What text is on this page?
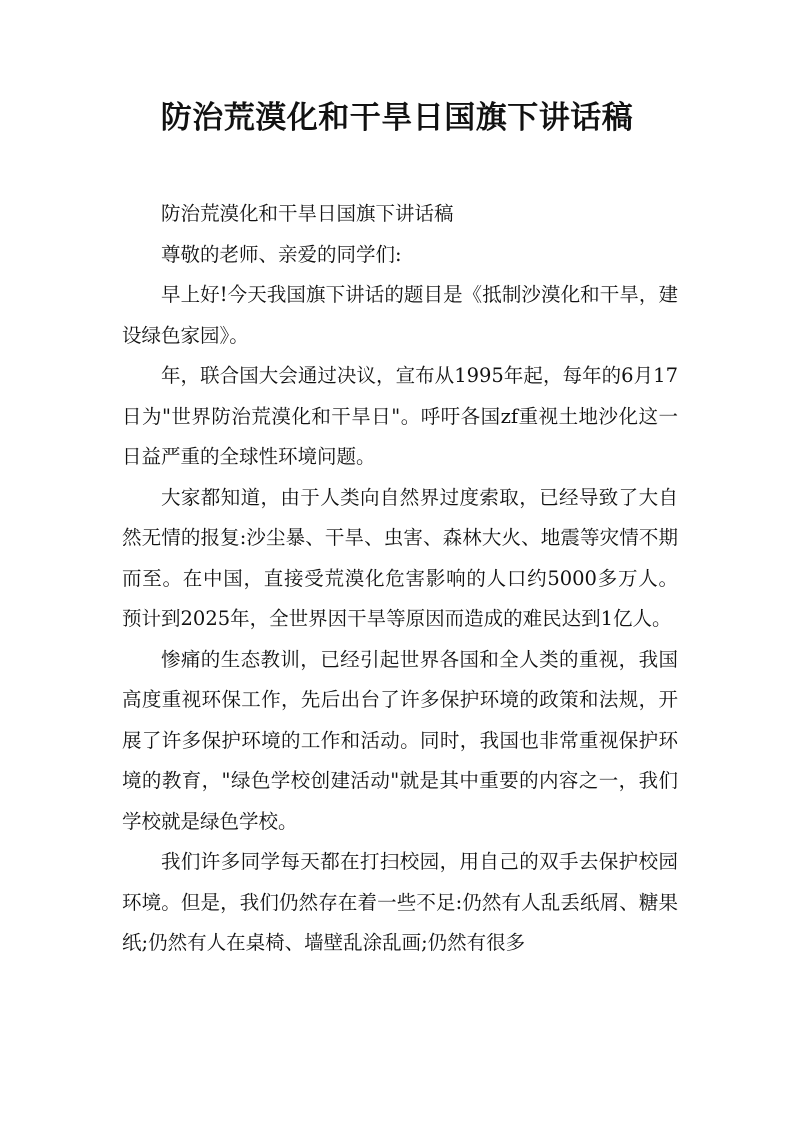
防治荒漠化和干旱日国旗下讲话稿

防治荒漠化和干旱日国旗下讲话稿

尊敬的老师、亲爱的同学们:

早上好!今天我国旗下讲话的题目是《抵制沙漠化和干旱，建设绿色家园》。

年，联合国大会通过决议，宣布从1995年起，每年的6月17日为"世界防治荒漠化和干旱日"。呼吁各国zf重视土地沙化这一日益严重的全球性环境问题。

大家都知道，由于人类向自然界过度索取，已经导致了大自然无情的报复:沙尘暴、干旱、虫害、森林大火、地震等灾情不期而至。在中国，直接受荒漠化危害影响的人口约5000多万人。预计到2025年，全世界因干旱等原因而造成的难民达到1亿人。

惨痛的生态教训，已经引起世界各国和全人类的重视，我国高度重视环保工作，先后出台了许多保护环境的政策和法规，开展了许多保护环境的工作和活动。同时，我国也非常重视保护环境的教育，"绿色学校创建活动"就是其中重要的内容之一，我们学校就是绿色学校。

我们许多同学每天都在打扫校园，用自己的双手去保护校园环境。但是，我们仍然存在着一些不足:仍然有人乱丢纸屑、糖果纸;仍然有人在桌椅、墙壁乱涂乱画;仍然有很多
